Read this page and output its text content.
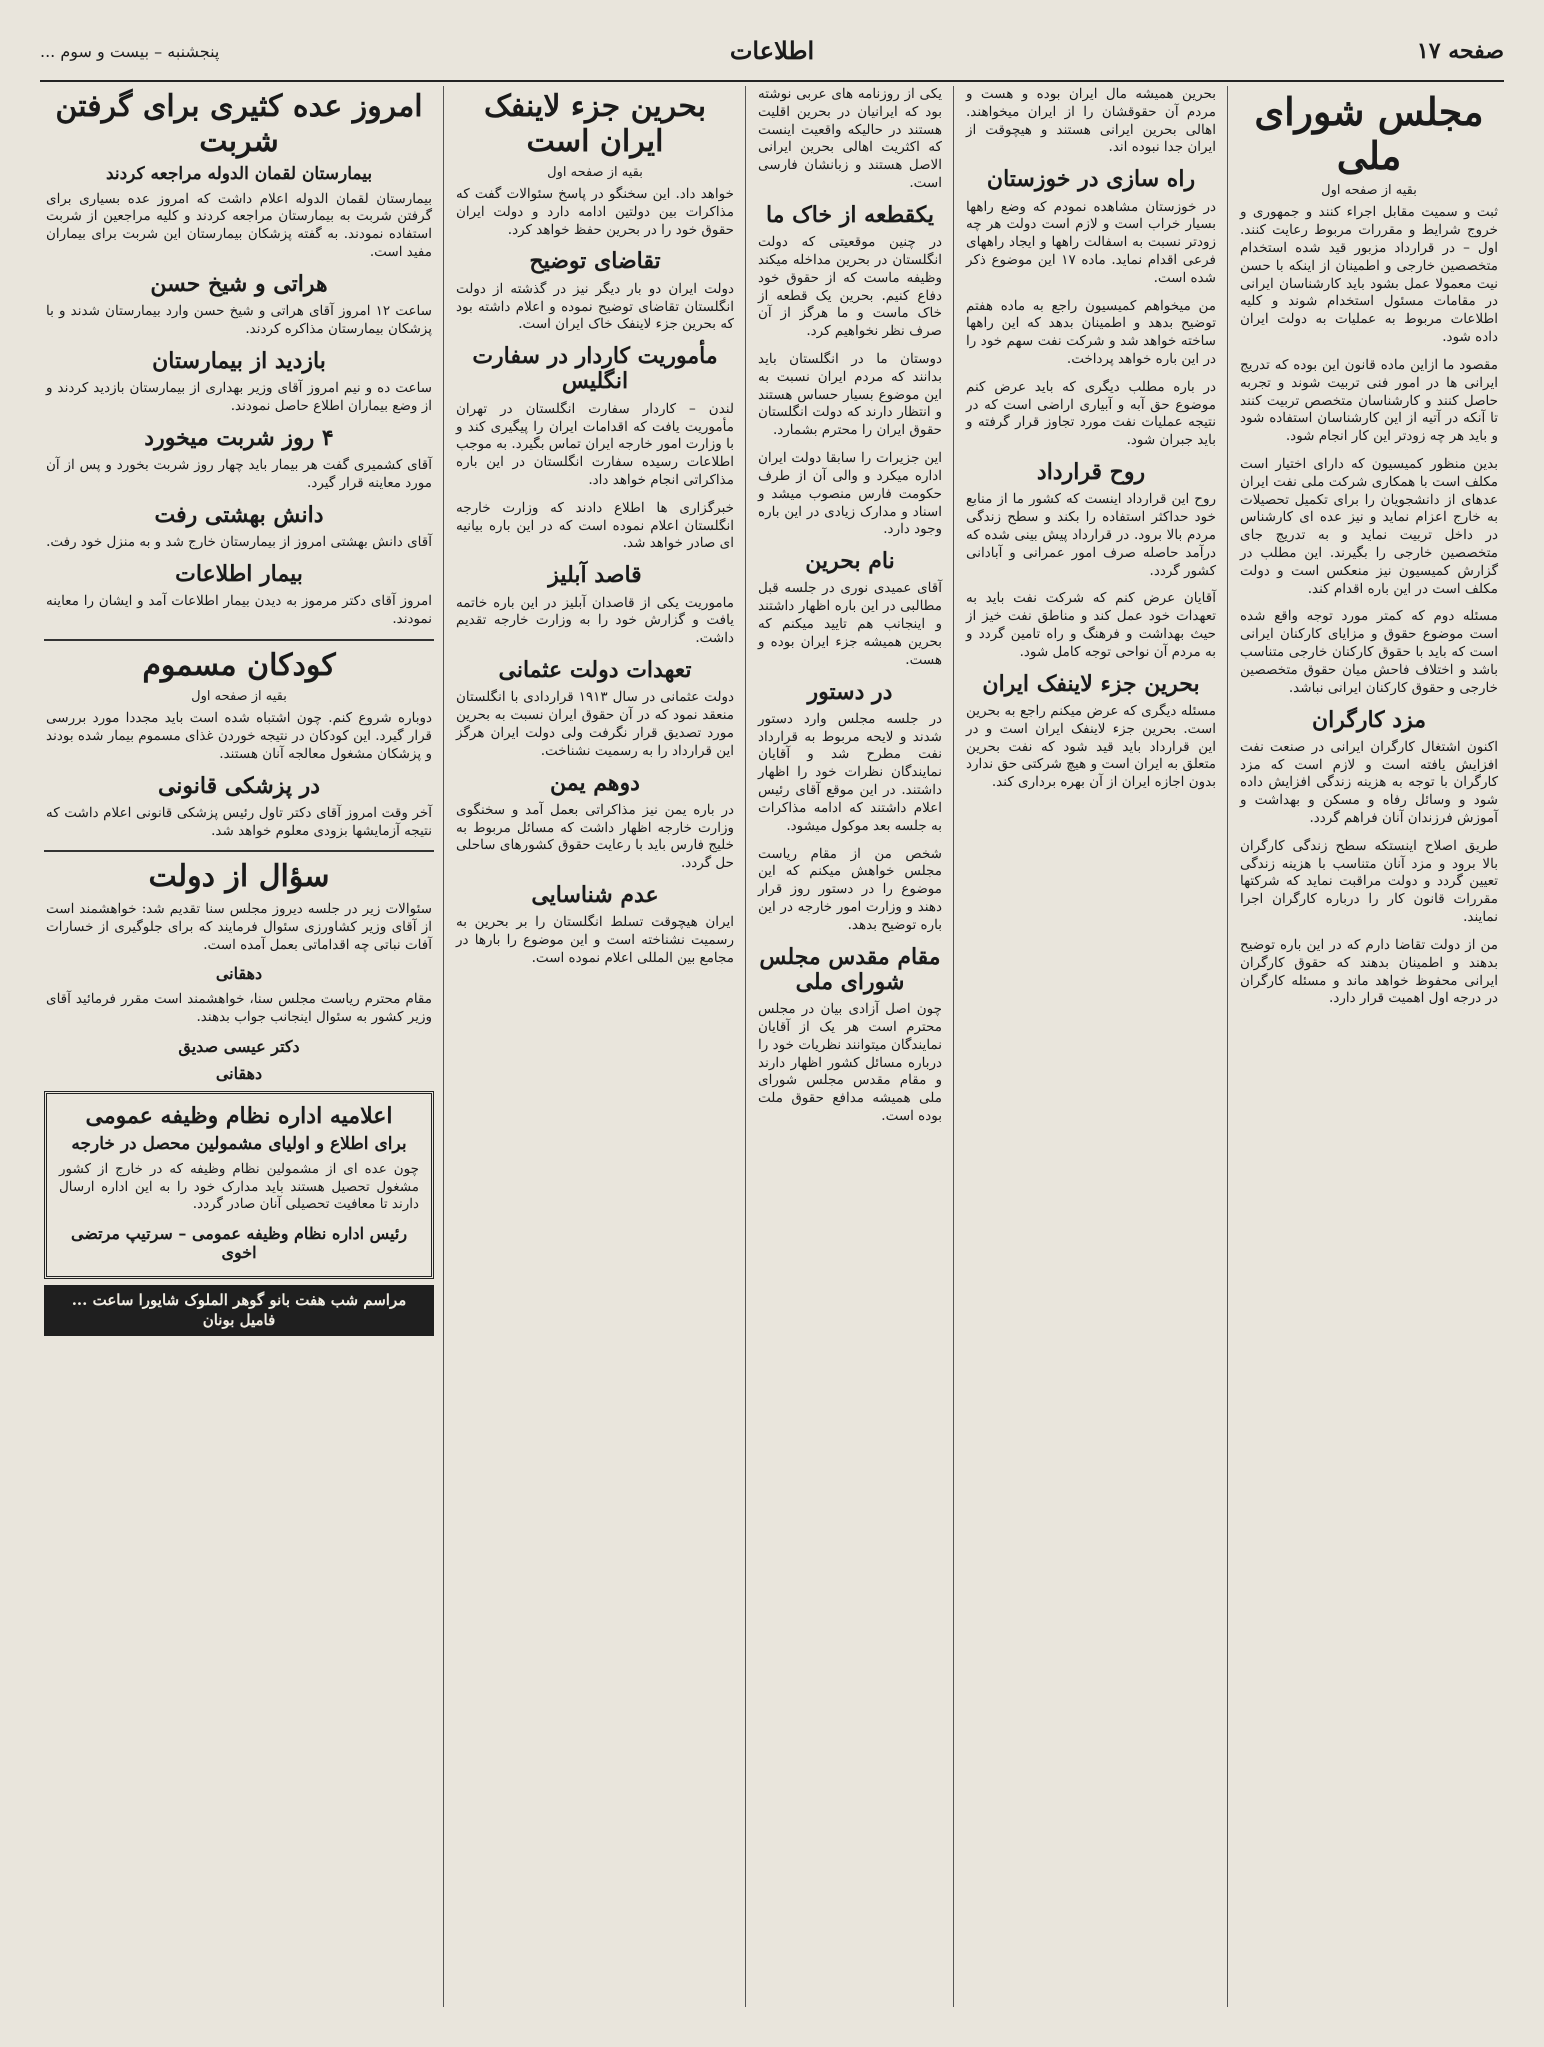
صفحه ۱۷
اطلاعات
پنجشنبه – بیست و سوم ...
مجلس شورای ملی
بقیه از صفحه اول
ثبت و سمیت مقابل اجراء کنند و جمهوری و خروج شرایط و مقررات مربوط رعایت کنند. اول – در قرارداد مزبور قید شده استخدام متخصصین خارجی و اطمینان از اینکه با حسن نیت معمولا عمل بشود باید کارشناسان ایرانی در مقامات مسئول استخدام شوند و کلیه اطلاعات مربوط به عملیات به دولت ایران داده شود.
مقصود ما ازاین ماده قانون این بوده که تدریج ایرانی ها در امور فنی تربیت شوند و تجربه حاصل کنند و کارشناسان متخصص تربیت کنند تا آنکه در آتیه از این کارشناسان استفاده شود و باید هر چه زودتر این کار انجام شود.
بدین منظور کمیسیون که دارای اختیار است مکلف است با همکاری شرکت ملی نفت ایران عدهای از دانشجویان را برای تکمیل تحصیلات به خارج اعزام نماید و نیز عده ای کارشناس در داخل تربیت نماید و به تدریج جای متخصصین خارجی را بگیرند. این مطلب در گزارش کمیسیون نیز منعکس است و دولت مکلف است در این باره اقدام کند.
مسئله دوم که کمتر مورد توجه واقع شده است موضوع حقوق و مزایای کارکنان ایرانی است که باید با حقوق کارکنان خارجی متناسب باشد و اختلاف فاحش میان حقوق متخصصین خارجی و حقوق کارکنان ایرانی نباشد.
مزد کارگران
اکنون اشتغال کارگران ایرانی در صنعت نفت افزایش یافته است و لازم است که مزد کارگران با توجه به هزینه زندگی افزایش داده شود و وسائل رفاه و مسکن و بهداشت و آموزش فرزندان آنان فراهم گردد.
طریق اصلاح اینستکه سطح زندگی کارگران بالا برود و مزد آنان متناسب با هزینه زندگی تعیین گردد و دولت مراقبت نماید که شرکتها مقررات قانون کار را درباره کارگران اجرا نمایند.
من از دولت تقاضا دارم که در این باره توضیح بدهند و اطمینان بدهند که حقوق کارگران ایرانی محفوظ خواهد ماند و مسئله کارگران در درجه اول اهمیت قرار دارد.
بحرین همیشه مال ایران بوده و هست و مردم آن حقوقشان را از ایران میخواهند. اهالی بحرین ایرانی هستند و هیچوقت از ایران جدا نبوده اند.
راه سازی در خوزستان
در خوزستان مشاهده نمودم که وضع راهها بسیار خراب است و لازم است دولت هر چه زودتر نسبت به اسفالت راهها و ایجاد راههای فرعی اقدام نماید. ماده ۱۷ این موضوع ذکر شده است.
من میخواهم کمیسیون راجع به ماده هفتم توضیح بدهد و اطمینان بدهد که این راهها ساخته خواهد شد و شرکت نفت سهم خود را در این باره خواهد پرداخت.
در باره مطلب دیگری که باید عرض کنم موضوع حق آبه و آبیاری اراضی است که در نتیجه عملیات نفت مورد تجاوز قرار گرفته و باید جبران شود.
روح قرارداد
روح این قرارداد اینست که کشور ما از منابع خود حداکثر استفاده را بکند و سطح زندگی مردم بالا برود. در قرارداد پیش بینی شده که درآمد حاصله صرف امور عمرانی و آبادانی کشور گردد.
آقایان عرض کنم که شرکت نفت باید به تعهدات خود عمل کند و مناطق نفت خیز از حیث بهداشت و فرهنگ و راه تامین گردد و به مردم آن نواحی توجه کامل شود.
بحرین جزء لاینفک ایران
مسئله دیگری که عرض میکنم راجع به بحرین است. بحرین جزء لاینفک ایران است و در این قرارداد باید قید شود که نفت بحرین متعلق به ایران است و هیچ شرکتی حق ندارد بدون اجازه ایران از آن بهره برداری کند.
یکی از روزنامه های عربی نوشته بود که ایرانیان در بحرین اقلیت هستند در حالیکه واقعیت اینست که اکثریت اهالی بحرین ایرانی الاصل هستند و زبانشان فارسی است.
یکقطعه از خاک ما
در چنین موقعیتی که دولت انگلستان در بحرین مداخله میکند وظیفه ماست که از حقوق خود دفاع کنیم. بحرین یک قطعه از خاک ماست و ما هرگز از آن صرف نظر نخواهیم کرد.
دوستان ما در انگلستان باید بدانند که مردم ایران نسبت به این موضوع بسیار حساس هستند و انتظار دارند که دولت انگلستان حقوق ایران را محترم بشمارد.
این جزیرات را سابقا دولت ایران اداره میکرد و والی آن از طرف حکومت فارس منصوب میشد و اسناد و مدارک زیادی در این باره وجود دارد.
نام بحرین
آقای عمیدی نوری در جلسه قبل مطالبی در این باره اظهار داشتند و اینجانب هم تایید میکنم که بحرین همیشه جزء ایران بوده و هست.
در دستور
در جلسه مجلس وارد دستور شدند و لایحه مربوط به قرارداد نفت مطرح شد و آقایان نمایندگان نظرات خود را اظهار داشتند. در این موقع آقای رئیس اعلام داشتند که ادامه مذاکرات به جلسه بعد موکول میشود.
شخص من از مقام ریاست مجلس خواهش میکنم که این موضوع را در دستور روز قرار دهند و وزارت امور خارجه در این باره توضیح بدهد.
مقام مقدس مجلس شورای ملی
چون اصل آزادی بیان در مجلس محترم است هر یک از آقایان نمایندگان میتوانند نظریات خود را درباره مسائل کشور اظهار دارند و مقام مقدس مجلس شورای ملی همیشه مدافع حقوق ملت بوده است.
بحرین جزء لاینفک ایران است
بقیه از صفحه اول
خواهد داد. این سخنگو در پاسخ سئوالات گفت که مذاکرات بین دولتین ادامه دارد و دولت ایران حقوق خود را در بحرین حفظ خواهد کرد.
تقاضای توضیح
دولت ایران دو بار دیگر نیز در گذشته از دولت انگلستان تقاضای توضیح نموده و اعلام داشته بود که بحرین جزء لاینفک خاک ایران است.
مأموریت کاردار در سفارت انگلیس
لندن – کاردار سفارت انگلستان در تهران مأموریت یافت که اقدامات ایران را پیگیری کند و با وزارت امور خارجه ایران تماس بگیرد. به موجب اطلاعات رسیده سفارت انگلستان در این باره مذاکراتی انجام خواهد داد.
خبرگزاری ها اطلاع دادند که وزارت خارجه انگلستان اعلام نموده است که در این باره بیانیه ای صادر خواهد شد.
قاصد آبلیز
ماموریت یکی از قاصدان آبلیز در این باره خاتمه یافت و گزارش خود را به وزارت خارجه تقدیم داشت.
تعهدات دولت عثمانی
دولت عثمانی در سال ۱۹۱۳ قراردادی با انگلستان منعقد نمود که در آن حقوق ایران نسبت به بحرین مورد تصدیق قرار نگرفت ولی دولت ایران هرگز این قرارداد را به رسمیت نشناخت.
دوهم یمن
در باره یمن نیز مذاکراتی بعمل آمد و سخنگوی وزارت خارجه اظهار داشت که مسائل مربوط به خلیج فارس باید با رعایت حقوق کشورهای ساحلی حل گردد.
عدم شناسایی
ایران هیچوقت تسلط انگلستان را بر بحرین به رسمیت نشناخته است و این موضوع را بارها در مجامع بین المللی اعلام نموده است.
امروز عده کثیری برای گرفتن شربت
بیمارستان لقمان الدوله مراجعه کردند
بیمارستان لقمان الدوله اعلام داشت که امروز عده بسیاری برای گرفتن شربت به بیمارستان مراجعه کردند و کلیه مراجعین از شربت استفاده نمودند. به گفته پزشکان بیمارستان این شربت برای بیماران مفید است.
هراتی و شیخ حسن
ساعت ۱۲ امروز آقای هراتی و شیخ حسن وارد بیمارستان شدند و با پزشکان بیمارستان مذاکره کردند.
بازدید از بیمارستان
ساعت ده و نیم امروز آقای وزیر بهداری از بیمارستان بازدید کردند و از وضع بیماران اطلاع حاصل نمودند.
۴ روز شربت میخورد
آقای کشمیری گفت هر بیمار باید چهار روز شربت بخورد و پس از آن مورد معاینه قرار گیرد.
دانش بهشتی رفت
آقای دانش بهشتی امروز از بیمارستان خارج شد و به منزل خود رفت.
بیمار اطلاعات
امروز آقای دکتر مرموز به دیدن بیمار اطلاعات آمد و ایشان را معاینه نمودند.
کودکان مسموم
بقیه از صفحه اول
دوباره شروع کنم. چون اشتباه شده است باید مجددا مورد بررسی قرار گیرد. این کودکان در نتیجه خوردن غذای مسموم بیمار شده بودند و پزشکان مشغول معالجه آنان هستند.
در پزشکی قانونی
آخر وقت امروز آقای دکتر تاول رئیس پزشکی قانونی اعلام داشت که نتیجه آزمایشها بزودی معلوم خواهد شد.
سؤال از دولت
سئوالات زیر در جلسه دیروز مجلس سنا تقدیم شد: خواهشمند است از آقای وزیر کشاورزی سئوال فرمایند که برای جلوگیری از خسارات آفات نباتی چه اقداماتی بعمل آمده است.
دهقانی
مقام محترم ریاست مجلس سنا، خواهشمند است مقرر فرمائید آقای وزیر کشور به سئوال اینجانب جواب بدهند.
دکتر عیسی صدیق
دهقانی
اعلامیه اداره نظام وظیفه عمومی
برای اطلاع و اولیای مشمولین محصل در خارجه
چون عده ای از مشمولین نظام وظیفه که در خارج از کشور مشغول تحصیل هستند باید مدارک خود را به این اداره ارسال دارند تا معافیت تحصیلی آنان صادر گردد.
رئیس اداره نظام وظیفه عمومی – سرتیپ مرتضی اخوی
مراسم شب هفت بانو گوهر الملوک شایورا ساعت ... فامیل بونان
